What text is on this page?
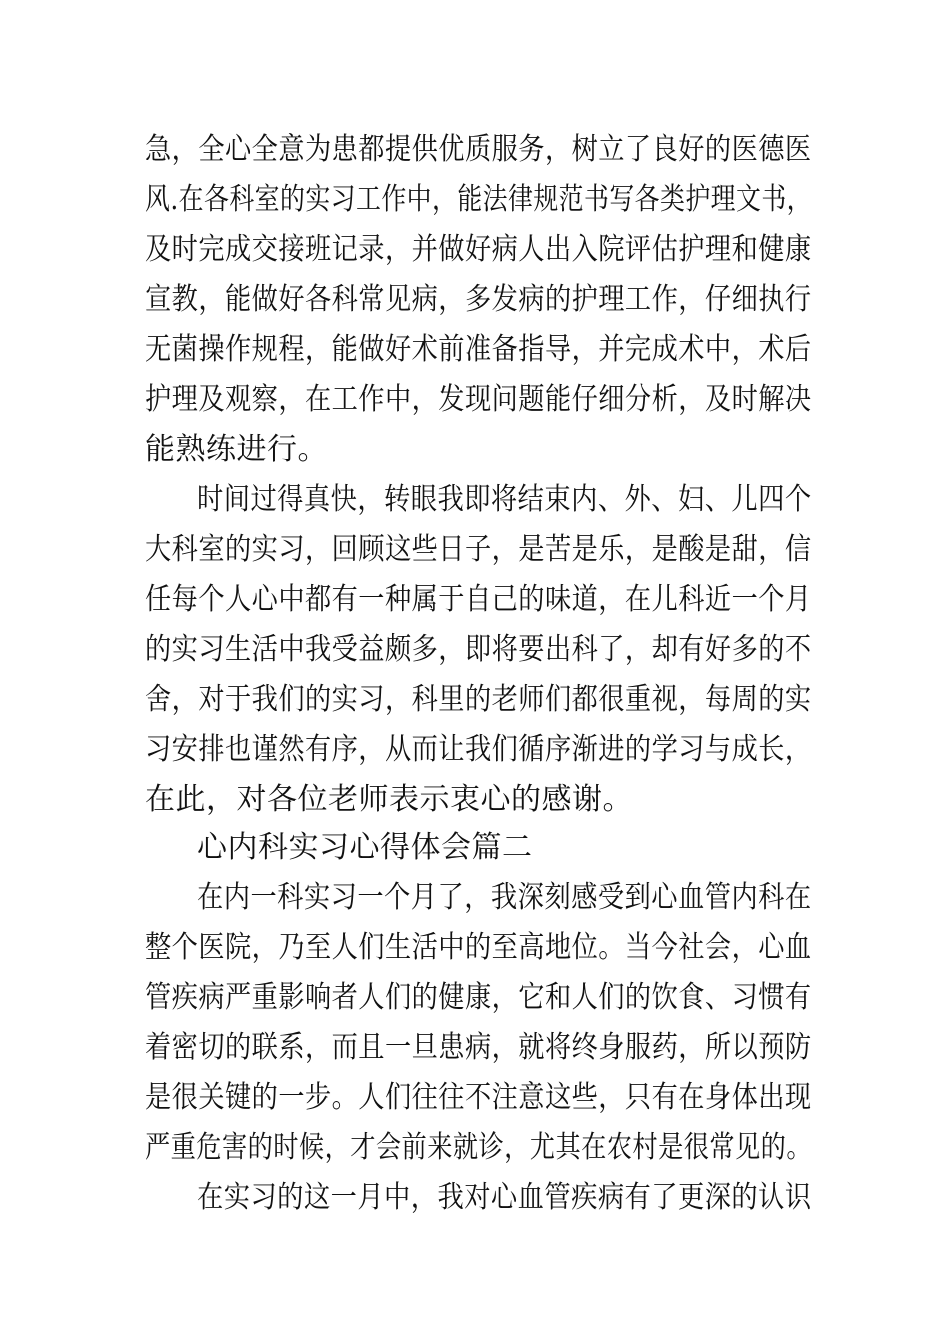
急，全心全意为患都提供优质服务，树立了良好的医德医
风.在各科室的实习工作中，能法律规范书写各类护理文书，
及时完成交接班记录，并做好病人出入院评估护理和健康
宣教，能做好各科常见病，多发病的护理工作，仔细执行
无菌操作规程，能做好术前准备指导，并完成术中，术后
护理及观察，在工作中，发现问题能仔细分析，及时解决
能熟练进行。
时间过得真快，转眼我即将结束内、外、妇、儿四个
大科室的实习，回顾这些日子，是苦是乐，是酸是甜，信
任每个人心中都有一种属于自己的味道，在儿科近一个月
的实习生活中我受益颇多，即将要出科了，却有好多的不
舍，对于我们的实习，科里的老师们都很重视，每周的实
习安排也谨然有序，从而让我们循序渐进的学习与成长，
在此，对各位老师表示衷心的感谢。
心内科实习心得体会篇二
在内一科实习一个月了，我深刻感受到心血管内科在
整个医院，乃至人们生活中的至高地位。当今社会，心血
管疾病严重影响者人们的健康，它和人们的饮食、习惯有
着密切的联系，而且一旦患病，就将终身服药，所以预防
是很关键的一步。人们往往不注意这些，只有在身体出现
严重危害的时候，才会前来就诊，尤其在农村是很常见的。
在实习的这一月中，我对心血管疾病有了更深的认识
